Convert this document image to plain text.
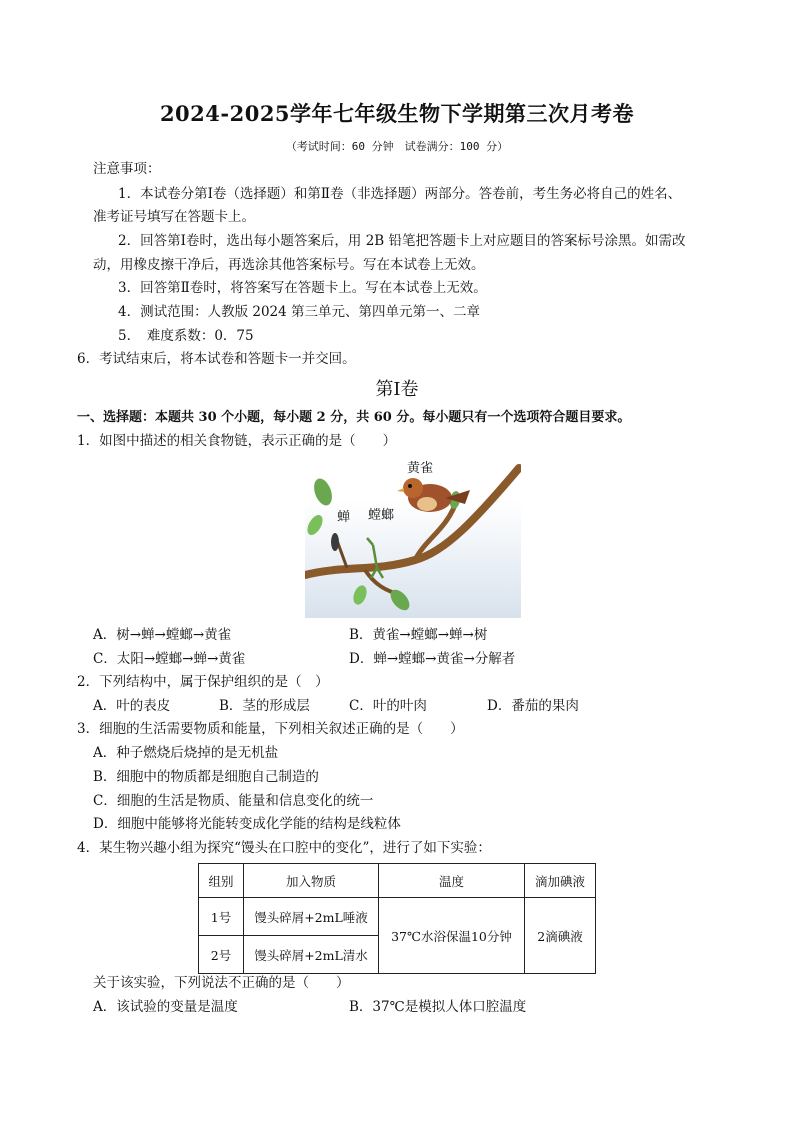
2024-2025学年七年级生物下学期第三次月考卷
（考试时间：60 分钟　试卷满分：100 分）
注意事项：
1．本试卷分第Ⅰ卷（选择题）和第Ⅱ卷（非选择题）两部分。答卷前，考生务必将自己的姓名、
准考证号填写在答题卡上。
2．回答第Ⅰ卷时，选出每小题答案后，用 2B 铅笔把答题卡上对应题目的答案标号涂黑。如需改
动，用橡皮擦干净后，再选涂其他答案标号。写在本试卷上无效。
3．回答第Ⅱ卷时，将答案写在答题卡上。写在本试卷上无效。
4．测试范围：人教版 2024 第三单元、第四单元第一、二章
5．　难度系数：0．75
6．考试结束后，将本试卷和答题卡一并交回。
第Ⅰ卷
一、选择题：本题共 30 个小题，每小题 2 分，共 60 分。每小题只有一个选项符合题目要求。
1．如图中描述的相关食物链，表示正确的是（　　）
黄雀
蝉 螳螂
A．树→蝉→螳螂→黄雀	B．黄雀→螳螂→蝉→树
C．太阳→螳螂→蝉→黄雀	D．蝉→螳螂→黄雀→分解者
2．下列结构中，属于保护组织的是（　）
A．叶的表皮	B．茎的形成层	C．叶的叶肉	D．番茄的果肉
3．细胞的生活需要物质和能量，下列相关叙述正确的是（　　）
A．种子燃烧后烧掉的是无机盐
B．细胞中的物质都是细胞自己制造的
C．细胞的生活是物质、能量和信息变化的统一
D．细胞中能够将光能转变成化学能的结构是线粒体
4．某生物兴趣小组为探究“馒头在口腔中的变化”，进行了如下实验：
组别	加入物质	温度	滴加碘液
1号	馒头碎屑+2mL唾液	37℃水浴保温10分钟	2滴碘液
2号	馒头碎屑+2mL清水		
关于该实验，下列说法不正确的是（　　）
A．该试验的变量是温度	B．37℃是模拟人体口腔温度
